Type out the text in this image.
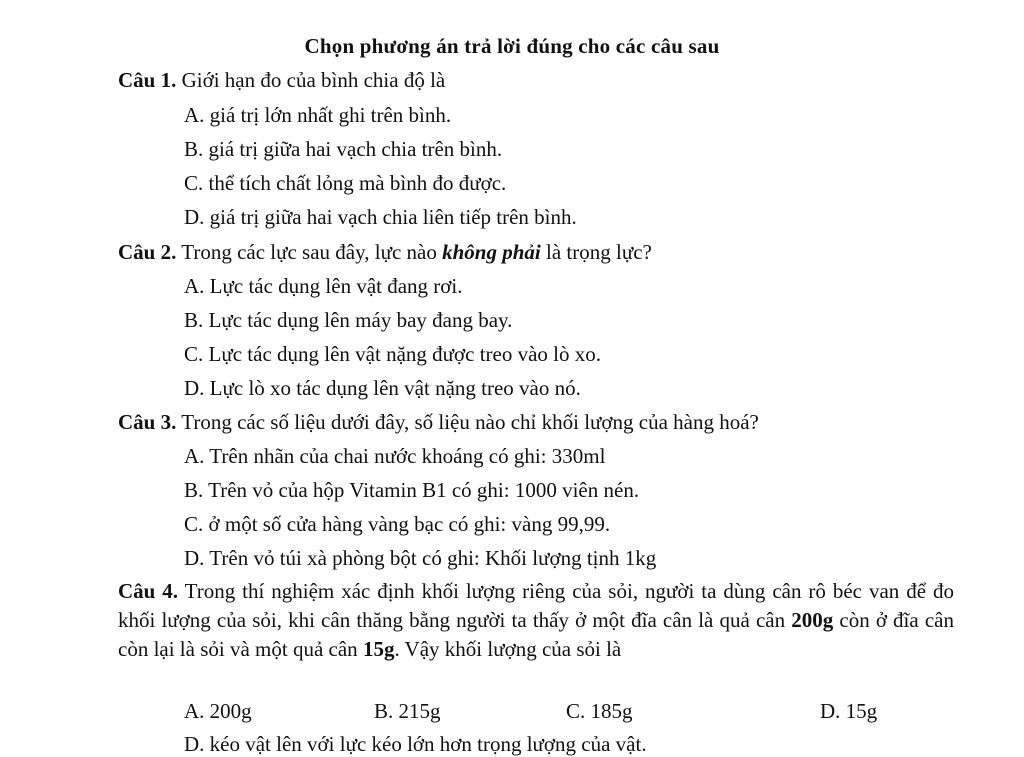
Chọn phương án trả lời đúng cho các câu sau
Câu 1. Giới hạn đo của bình chia độ là
A. giá trị lớn nhất ghi trên bình.
B. giá trị giữa hai vạch chia trên bình.
C. thể tích chất lỏng mà bình đo được.
D. giá trị giữa hai vạch chia liên tiếp trên bình.
Câu 2. Trong các lực sau đây, lực nào không phải là trọng lực?
A. Lực tác dụng lên vật đang rơi.
B. Lực tác dụng lên máy bay đang bay.
C. Lực tác dụng lên vật nặng được treo vào lò xo.
D. Lực lò xo tác dụng lên vật nặng treo vào nó.
Câu 3. Trong các số liệu dưới đây, số liệu nào chỉ khối lượng của hàng hoá?
A. Trên nhãn của chai nước khoáng có ghi: 330ml
B. Trên vỏ của hộp Vitamin B1 có ghi: 1000 viên nén.
C. ở một số cửa hàng vàng bạc có ghi: vàng 99,99.
D. Trên vỏ túi xà phòng bột có ghi: Khối lượng tịnh 1kg
Câu 4. Trong thí nghiệm xác định khối lượng riêng của sỏi, người ta dùng cân rô béc van để đo khối lượng của sỏi, khi cân thăng bằng người ta thấy ở một đĩa cân là quả cân 200g còn ở đĩa cân còn lại là sỏi và một quả cân 15g. Vậy khối lượng của sỏi là
A. 200g	B. 215g	C. 185g	D. 15g
D. kéo vật lên với lực kéo lớn hơn trọng lượng của vật.
